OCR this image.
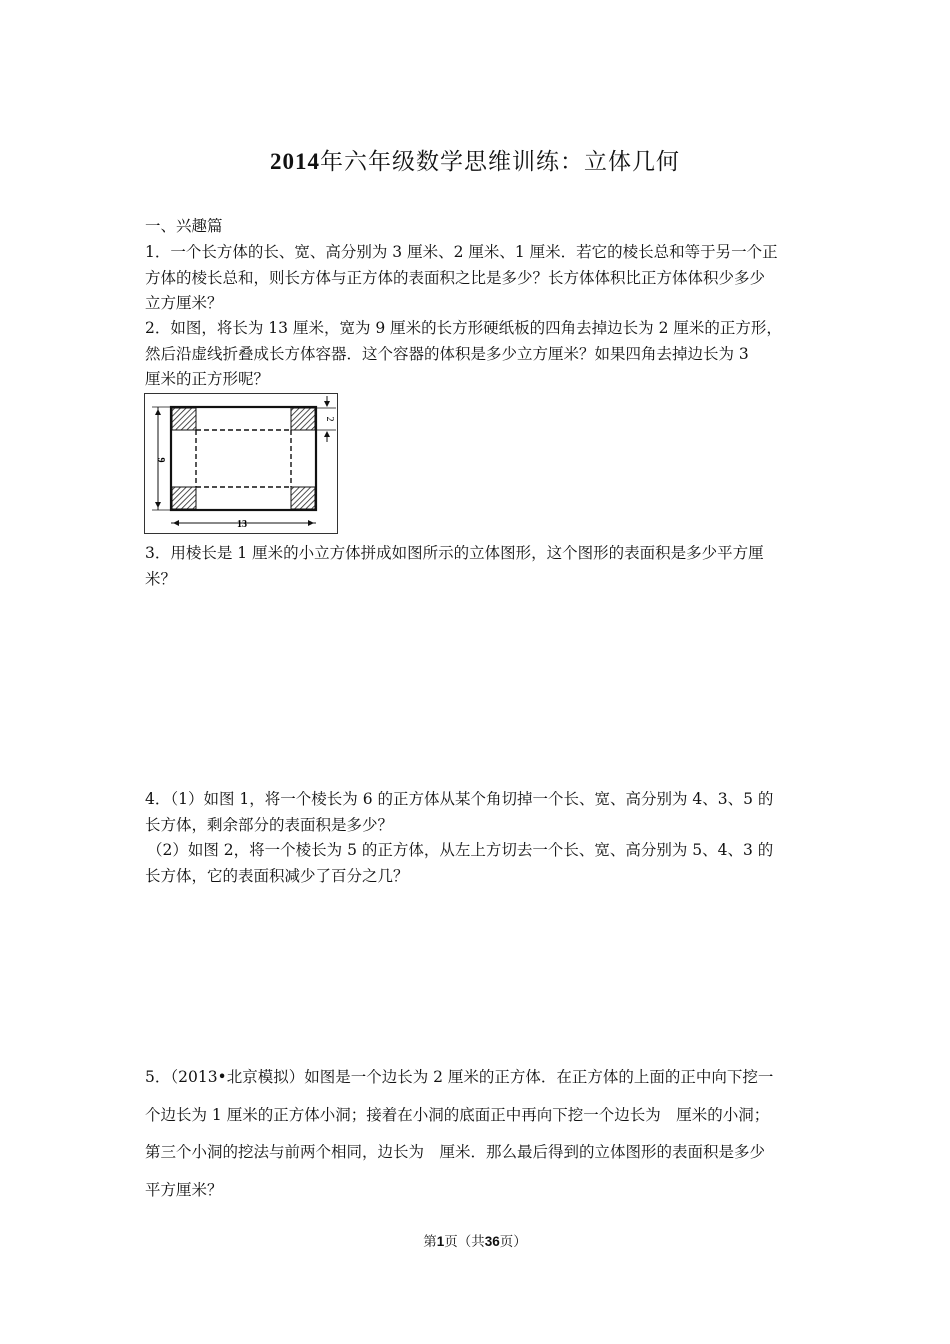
2014年六年级数学思维训练：立体几何
一、兴趣篇
1．一个长方体的长、宽、高分别为 3 厘米、2 厘米、1 厘米．若它的棱长总和等于另一个正
方体的棱长总和，则长方体与正方体的表面积之比是多少？长方体体积比正方体体积少多少
立方厘米？
2．如图，将长为 13 厘米，宽为 9 厘米的长方形硬纸板的四角去掉边长为 2 厘米的正方形，
然后沿虚线折叠成长方体容器．这个容器的体积是多少立方厘米？如果四角去掉边长为 3
厘米的正方形呢？
9
13
2
3．用棱长是 1 厘米的小立方体拼成如图所示的立体图形，这个图形的表面积是多少平方厘
米？
4．（1）如图 1，将一个棱长为 6 的正方体从某个角切掉一个长、宽、高分别为 4、3、5 的
长方体，剩余部分的表面积是多少？
（2）如图 2，将一个棱长为 5 的正方体，从左上方切去一个长、宽、高分别为 5、4、3 的
长方体，它的表面积减少了百分之几？
5．（2013•北京模拟）如图是一个边长为 2 厘米的正方体．在正方体的上面的正中向下挖一
个边长为 1 厘米的正方体小洞；接着在小洞的底面正中再向下挖一个边长为　厘米的小洞；
第三个小洞的挖法与前两个相同，边长为　厘米．那么最后得到的立体图形的表面积是多少
平方厘米？
第1页（共36页）
